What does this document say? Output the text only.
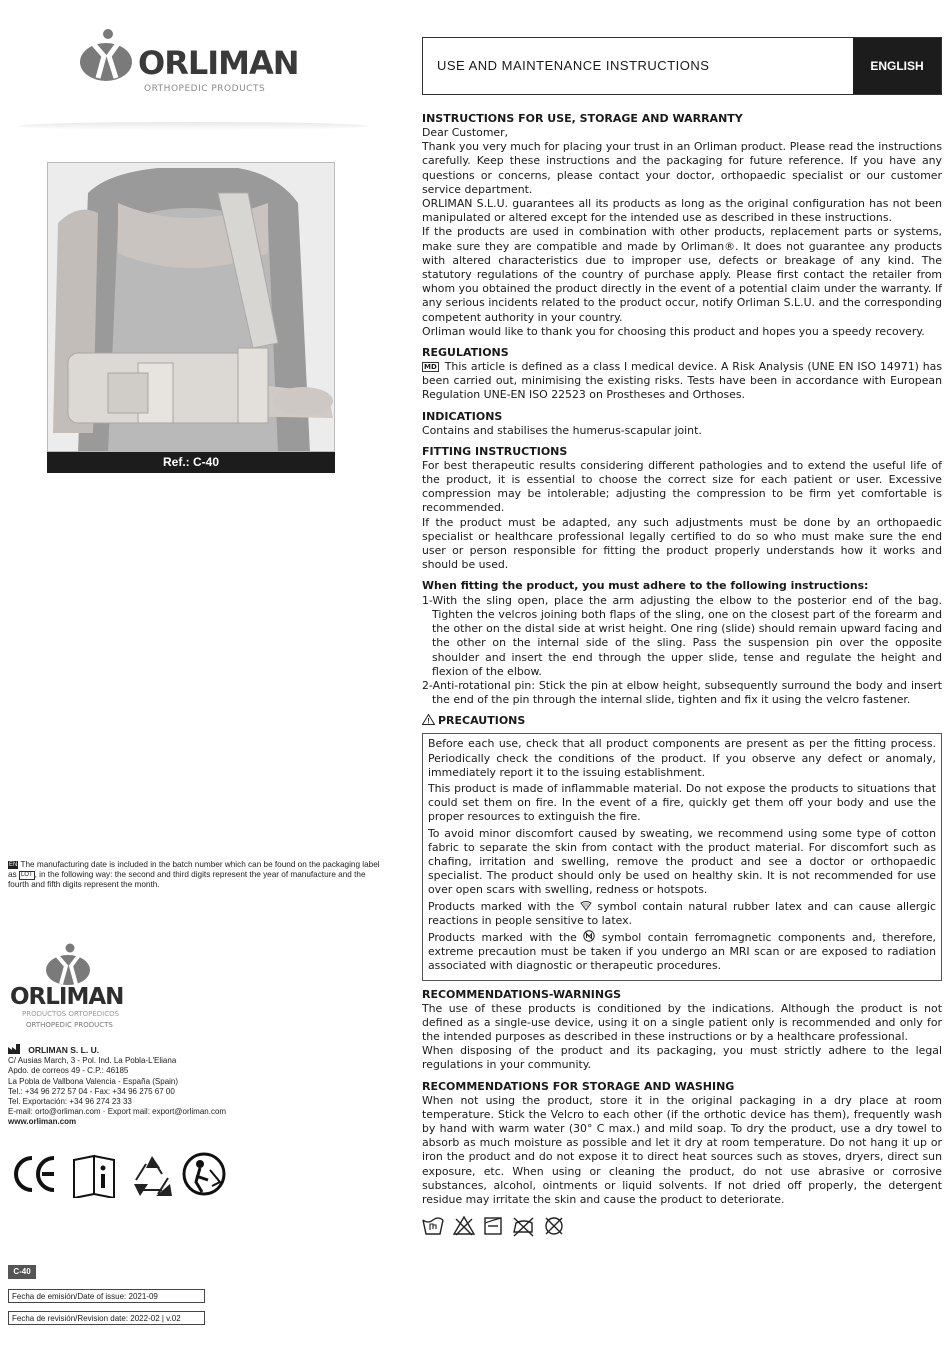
ORLIMAN
ORTHOPEDIC PRODUCTS
Ref.: C-40
EN The manufacturing date is included in the batch number which can be found on the packaging label as LOT , in the following way: the second and third digits represent the year of manufacture and the fourth and fifth digits represent the month.
ORLIMAN
PRODUCTOS ORTOPÉDICOS
ORTHOPEDIC PRODUCTS
ORLIMAN S. L. U.
C/ Ausias March, 3 - Pol. Ind. La Pobla-L'Eliana
Apdo. de correos 49 - C.P.: 46185
La Pobla de Vallbona Valencia - España (Spain)
Tel.: +34 96 272 57 04 - Fax: +34 96 275 67 00
Tel. Exportación: +34 96 274 23 33
E-mail: orto@orliman.com · Export mail: export@orliman.com
www.orliman.com
C-40
Fecha de emisión/Date of issue: 2021-09
Fecha de revisión/Revision date: 2022-02 | v.02
USE AND MAINTENANCE INSTRUCTIONS	ENGLISH
INSTRUCTIONS FOR USE, STORAGE AND WARRANTY

Dear Customer,

Thank you very much for placing your trust in an Orliman product. Please read the instructions carefully. Keep these instructions and the packaging for future reference. If you have any questions or concerns, please contact your doctor, orthopaedic specialist or our customer service department.

ORLIMAN S.L.U. guarantees all its products as long as the original configuration has not been manipulated or altered except for the intended use as described in these instructions.

If the products are used in combination with other products, replacement parts or systems, make sure they are compatible and made by Orliman®. It does not guarantee any products with altered characteristics due to improper use, defects or breakage of any kind. The statutory regulations of the country of purchase apply. Please first contact the retailer from whom you obtained the product directly in the event of a potential claim under the warranty. If any serious incidents related to the product occur, notify Orliman S.L.U. and the corresponding competent authority in your country.

Orliman would like to thank you for choosing this product and hopes you a speedy recovery.

REGULATIONS

MD This article is defined as a class I medical device. A Risk Analysis (UNE EN ISO 14971) has been carried out, minimising the existing risks. Tests have been in accordance with European Regulation UNE-EN ISO 22523 on Prostheses and Orthoses.

INDICATIONS

Contains and stabilises the humerus-scapular joint.

FITTING INSTRUCTIONS

For best therapeutic results considering different pathologies and to extend the useful life of the product, it is essential to choose the correct size for each patient or user. Excessive compression may be intolerable; adjusting the compression to be firm yet comfortable is recommended.

If the product must be adapted, any such adjustments must be done by an orthopaedic specialist or healthcare professional legally certified to do so who must make sure the end user or person responsible for fitting the product properly understands how it works and should be used.

When fitting the product, you must adhere to the following instructions:

1-With the sling open, place the arm adjusting the elbow to the posterior end of the bag. Tighten the velcros joining both flaps of the sling, one on the closest part of the forearm and the other on the distal side at wrist height. One ring (slide) should remain upward facing and the other on the internal side of the sling. Pass the suspension pin over the opposite shoulder and insert the end through the upper slide, tense and regulate the height and flexion of the elbow.

2-Anti-rotational pin: Stick the pin at elbow height, subsequently surround the body and insert the end of the pin through the internal slide, tighten and fix it using the velcro fastener.

PRECAUTIONS

Before each use, check that all product components are present as per the fitting process. Periodically check the conditions of the product. If you observe any defect or anomaly, immediately report it to the issuing establishment.

This product is made of inflammable material. Do not expose the products to situations that could set them on fire. In the event of a fire, quickly get them off your body and use the proper resources to extinguish the fire.

To avoid minor discomfort caused by sweating, we recommend using some type of cotton fabric to separate the skin from contact with the product material. For discomfort such as chafing, irritation and swelling, remove the product and see a doctor or orthopaedic specialist. The product should only be used on healthy skin. It is not recommended for use over open scars with swelling, redness or hotspots.

Products marked with the symbol contain natural rubber latex and can cause allergic reactions in people sensitive to latex.

Products marked with the symbol contain ferromagnetic components and, therefore, extreme precaution must be taken if you undergo an MRI scan or are exposed to radiation associated with diagnostic or therapeutic procedures.

RECOMMENDATIONS-WARNINGS

The use of these products is conditioned by the indications. Although the product is not defined as a single-use device, using it on a single patient only is recommended and only for the intended purposes as described in these instructions or by a healthcare professional.

When disposing of the product and its packaging, you must strictly adhere to the legal regulations in your community.

RECOMMENDATIONS FOR STORAGE AND WASHING

When not using the product, store it in the original packaging in a dry place at room temperature. Stick the Velcro to each other (if the orthotic device has them), frequently wash by hand with warm water (30° C max.) and mild soap. To dry the product, use a dry towel to absorb as much moisture as possible and let it dry at room temperature. Do not hang it up or iron the product and do not expose it to direct heat sources such as stoves, dryers, direct sun exposure, etc. When using or cleaning the product, do not use abrasive or corrosive substances, alcohol, ointments or liquid solvents. If not dried off properly, the detergent residue may irritate the skin and cause the product to deteriorate.
